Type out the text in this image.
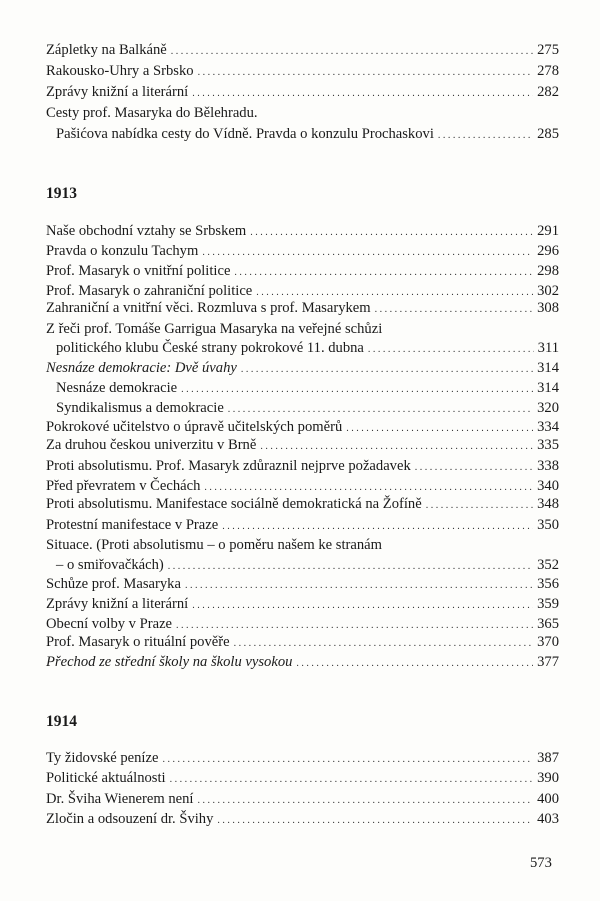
Zápletky na Balkáně . . .	275
Rakousko-Uhry a Srbsko . . .	278
Zprávy knižní a literární . . .	282
Cesty prof. Masaryka do Bělehradu.
Pašićova nabídka cesty do Vídně. Pravda o konzulu Prochaskovi . . .	285
1913
Naše obchodní vztahy se Srbskem . . .	291
Pravda o konzulu Tachym . . .	296
Prof. Masaryk o vnitřní politice . . .	298
Prof. Masaryk o zahraniční politice . . .	302
Zahraniční a vnitřní věci. Rozmluva s prof. Masarykem . . .	308
Z řeči prof. Tomáše Garrigua Masaryka na veřejné schůzi
politického klubu České strany pokrokové 11. dubna . . .	311
Nesnáze demokracie: Dvě úvahy . . .	314
Nesnáze demokracie . . .	314
Syndikalismus a demokracie . . .	320
Pokrokové učitelstvo o úpravě učitelských poměrů . . .	334
Za druhou českou univerzitu v Brně . . .	335
Proti absolutismu. Prof. Masaryk zdůraznil nejprve požadavek . . .	338
Před převratem v Čechách . . .	340
Proti absolutismu. Manifestace sociálně demokratická na Žofíně . . .	348
Protestní manifestace v Praze . . .	350
Situace. (Proti absolutismu – o poměru našem ke stranám
– o smiřovačkách) . . .	352
Schůze prof. Masaryka . . .	356
Zprávy knižní a literární . . .	359
Obecní volby v Praze . . .	365
Prof. Masaryk o rituální pověře . . .	370
Přechod ze střední školy na školu vysokou . . .	377
1914
Ty židovské peníze . . .	387
Politické aktuálnosti . . .	390
Dr. Šviha Wienerem není . . .	400
Zločin a odsouzení dr. Švihy . . .	403
573
